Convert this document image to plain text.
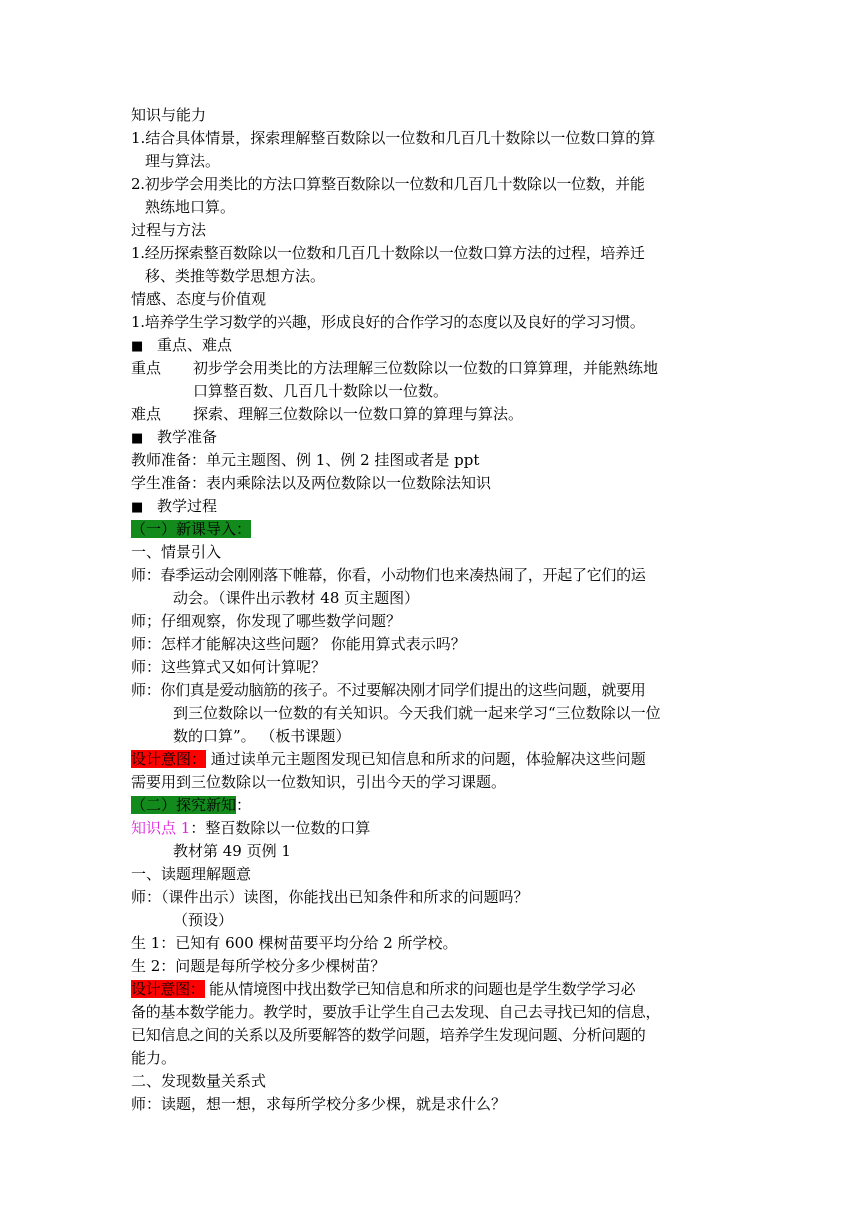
知识与能力
1.结合具体情景，探索理解整百数除以一位数和几百几十数除以一位数口算的算
理与算法。
2.初步学会用类比的方法口算整百数除以一位数和几百几十数除以一位数，并能
熟练地口算。
过程与方法
1.经历探索整百数除以一位数和几百几十数除以一位数口算方法的过程，培养迁
移、类推等数学思想方法。
情感、态度与价值观
1.培养学生学习数学的兴趣，形成良好的合作学习的态度以及良好的学习习惯。
■ 重点、难点
重点 初步学会用类比的方法理解三位数除以一位数的口算算理，并能熟练地
口算整百数、几百几十数除以一位数。
难点 探索、理解三位数除以一位数口算的算理与算法。
■ 教学准备
教师准备：单元主题图、例 1、例 2 挂图或者是 ppt
学生准备：表内乘除法以及两位数除以一位数除法知识
■ 教学过程
（一）新课导入：
一、情景引入
师：春季运动会刚刚落下帷幕，你看，小动物们也来凑热闹了，开起了它们的运
动会。（课件出示教材 48 页主题图）
师；仔细观察，你发现了哪些数学问题？
师：怎样才能解决这些问题？ 你能用算式表示吗？
师：这些算式又如何计算呢？
师：你们真是爱动脑筋的孩子。不过要解决刚才同学们提出的这些问题，就要用
到三位数除以一位数的有关知识。今天我们就一起来学习“三位数除以一位
数的口算”。 （板书课题）
设计意图： 通过读单元主题图发现已知信息和所求的问题，体验解决这些问题
需要用到三位数除以一位数知识，引出今天的学习课题。
（二）探究新知：
知识点 1：整百数除以一位数的口算
教材第 49 页例 1
一、读题理解题意
师：（课件出示）读图，你能找出已知条件和所求的问题吗？
（预设）
生 1：已知有 600 棵树苗要平均分给 2 所学校。
生 2：问题是每所学校分多少棵树苗？
设计意图： 能从情境图中找出数学已知信息和所求的问题也是学生数学学习必
备的基本数学能力。教学时，要放手让学生自己去发现、自己去寻找已知的信息，
已知信息之间的关系以及所要解答的数学问题，培养学生发现问题、分析问题的
能力。
二、发现数量关系式
师：读题，想一想，求每所学校分多少棵，就是求什么？
